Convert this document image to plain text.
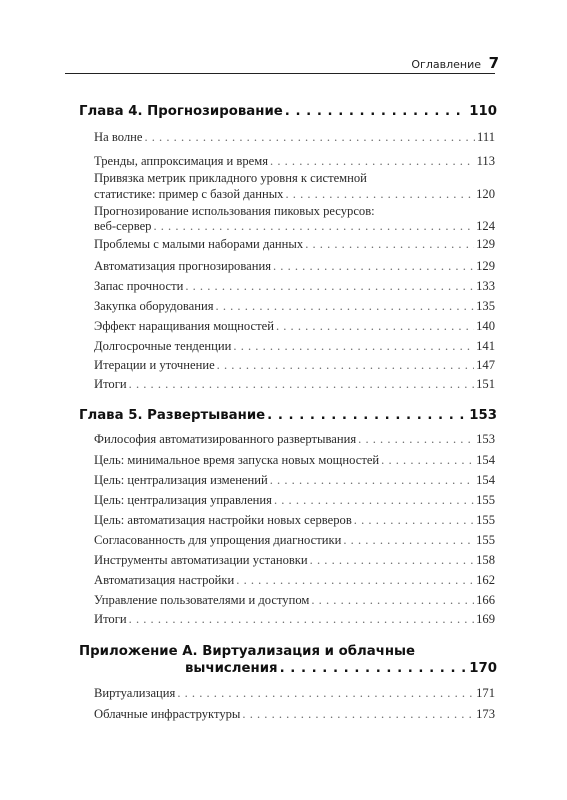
Оглавление 7
Глава 4. Прогнозирование . . .	110
На волне . . .	111
Тренды, аппроксимация и время . . .	113
Привязка метрик прикладного уровня к системной
статистике: пример с базой данных . . .	120
Прогнозирование использования пиковых ресурсов:
веб-сервер . . .	124
Проблемы с малыми наборами данных . . .	129
Автоматизация прогнозирования . . .	129
Запас прочности . . .	133
Закупка оборудования . . .	135
Эффект наращивания мощностей . . .	140
Долгосрочные тенденции . . .	141
Итерации и уточнение . . .	147
Итоги . . .	151
Глава 5. Развертывание . . .	153
Философия автоматизированного развертывания . . .	153
Цель: минимальное время запуска новых мощностей . . .	154
Цель: централизация изменений . . .	154
Цель: централизация управления . . .	155
Цель: автоматизация настройки новых серверов . . .	155
Согласованность для упрощения диагностики . . .	155
Инструменты автоматизации установки . . .	158
Автоматизация настройки . . .	162
Управление пользователями и доступом . . .	166
Итоги . . .	169
Приложение А. Виртуализация и облачные
вычисления . . .	170
Виртуализация . . .	171
Облачные инфраструктуры . . .	173
